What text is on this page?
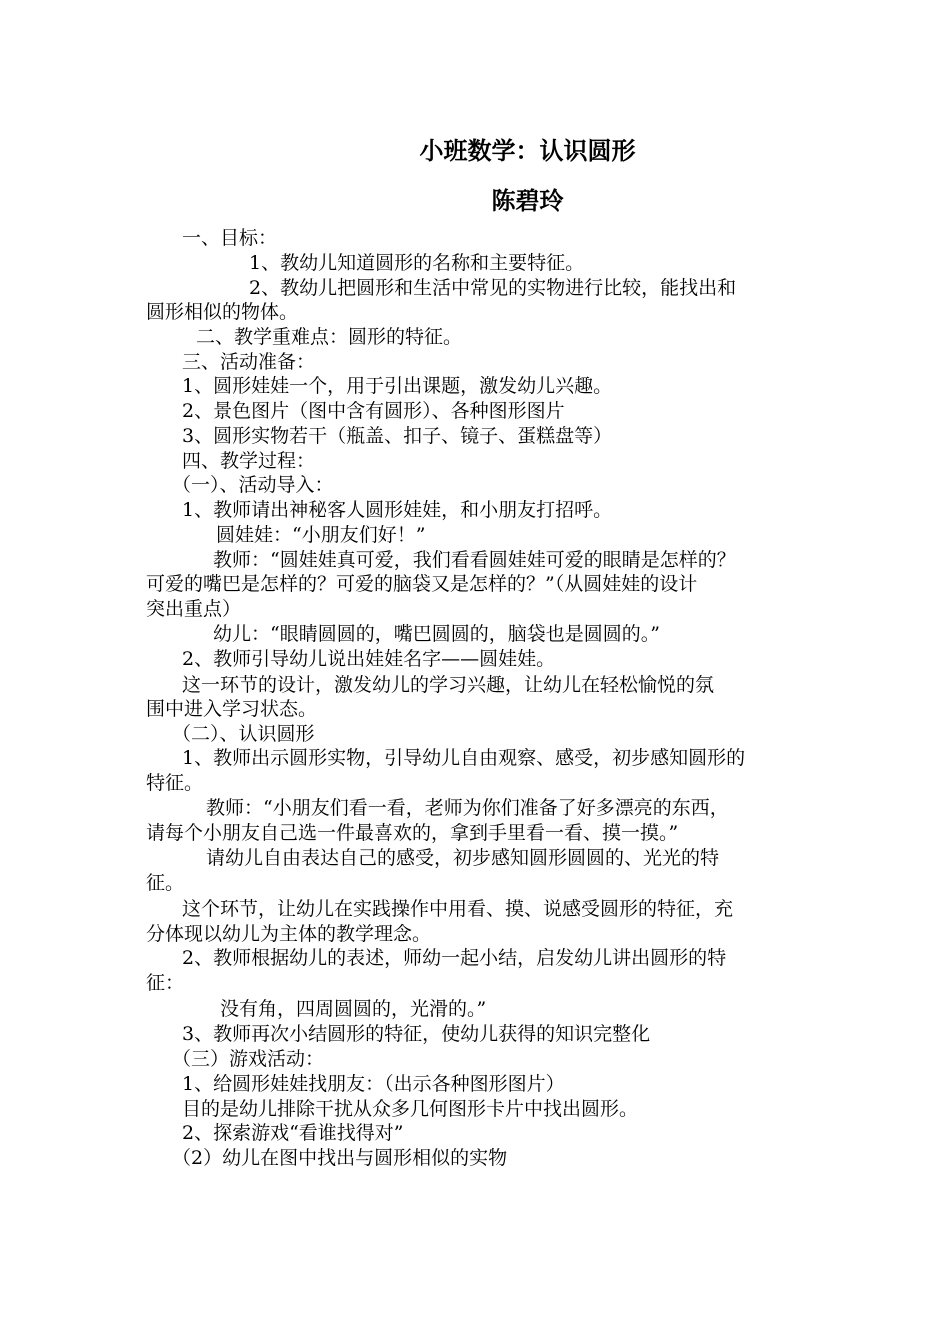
小班数学：认识圆形
陈碧玲
一、目标：
1、教幼儿知道圆形的名称和主要特征。
2、教幼儿把圆形和生活中常见的实物进行比较，能找出和
圆形相似的物体。
二、教学重难点：圆形的特征。
三、活动准备：
1、圆形娃娃一个，用于引出课题，激发幼儿兴趣。
2、景色图片（图中含有圆形）、各种图形图片
3、圆形实物若干（瓶盖、扣子、镜子、蛋糕盘等）
四、教学过程：
（一）、活动导入：
1、教师请出神秘客人圆形娃娃，和小朋友打招呼。
圆娃娃：“小朋友们好！”
教师：“圆娃娃真可爱，我们看看圆娃娃可爱的眼睛是怎样的？
可爱的嘴巴是怎样的？可爱的脑袋又是怎样的？”（从圆娃娃的设计
突出重点）
幼儿：“眼睛圆圆的，嘴巴圆圆的，脑袋也是圆圆的。”
2、教师引导幼儿说出娃娃名字——圆娃娃。
这一环节的设计，激发幼儿的学习兴趣，让幼儿在轻松愉悦的氛
围中进入学习状态。
（二）、认识圆形
1、教师出示圆形实物，引导幼儿自由观察、感受，初步感知圆形的
特征。
教师：“小朋友们看一看，老师为你们准备了好多漂亮的东西，
请每个小朋友自己选一件最喜欢的，拿到手里看一看、摸一摸。”
请幼儿自由表达自己的感受，初步感知圆形圆圆的、光光的特
征。
这个环节，让幼儿在实践操作中用看、摸、说感受圆形的特征，充
分体现以幼儿为主体的教学理念。
2、教师根据幼儿的表述，师幼一起小结，启发幼儿讲出圆形的特
征：
没有角，四周圆圆的，光滑的。”
3、教师再次小结圆形的特征，使幼儿获得的知识完整化
（三）游戏活动：
1、给圆形娃娃找朋友：（出示各种图形图片）
目的是幼儿排除干扰从众多几何图形卡片中找出圆形。
2、探索游戏“看谁找得对”
（2）幼儿在图中找出与圆形相似的实物
